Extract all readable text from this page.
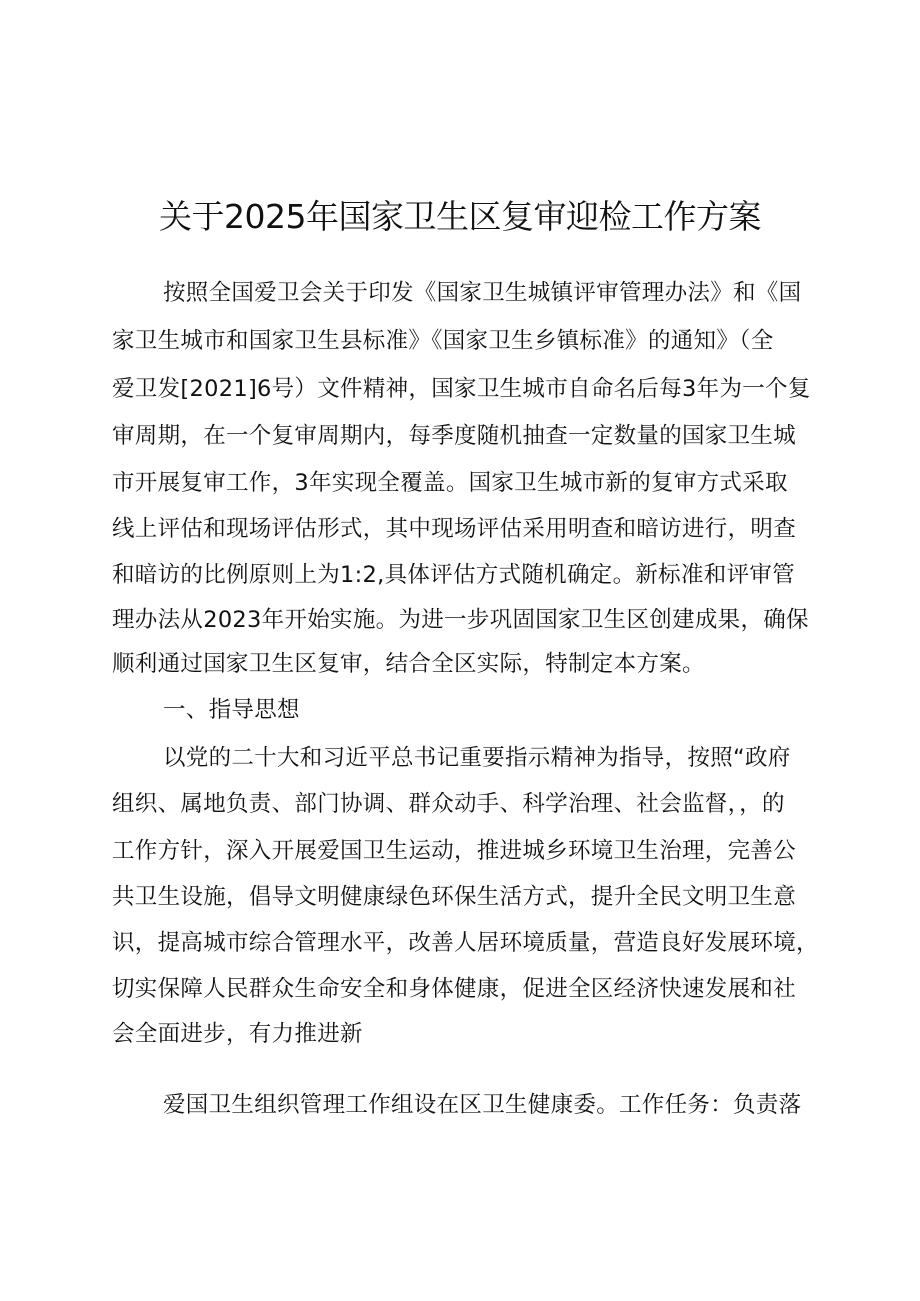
关于2025年国家卫生区复审迎检工作方案
按照全国爱卫会关于印发《国家卫生城镇评审管理办法》和《国
家卫生城市和国家卫生县标准》《国家卫生乡镇标准》的通知》（全
爱卫发[2021]6号）文件精神，国家卫生城市自命名后每3年为一个复
审周期，在一个复审周期内，每季度随机抽查一定数量的国家卫生城
市开展复审工作，3年实现全覆盖。国家卫生城市新的复审方式采取
线上评估和现场评估形式，其中现场评估采用明查和暗访进行，明查
和暗访的比例原则上为1:2,具体评估方式随机确定。新标准和评审管
理办法从2023年开始实施。为进一步巩固国家卫生区创建成果，确保
顺利通过国家卫生区复审，结合全区实际，特制定本方案。
一、指导思想
以党的二十大和习近平总书记重要指示精神为指导，按照“政府
组织、属地负责、部门协调、群众动手、科学治理、社会监督，，的
工作方针，深入开展爱国卫生运动，推进城乡环境卫生治理，完善公
共卫生设施，倡导文明健康绿色环保生活方式，提升全民文明卫生意
识，提高城市综合管理水平，改善人居环境质量，营造良好发展环境，
切实保障人民群众生命安全和身体健康，促进全区经济快速发展和社
会全面进步，有力推进新
爱国卫生组织管理工作组设在区卫生健康委。工作任务：负责落
